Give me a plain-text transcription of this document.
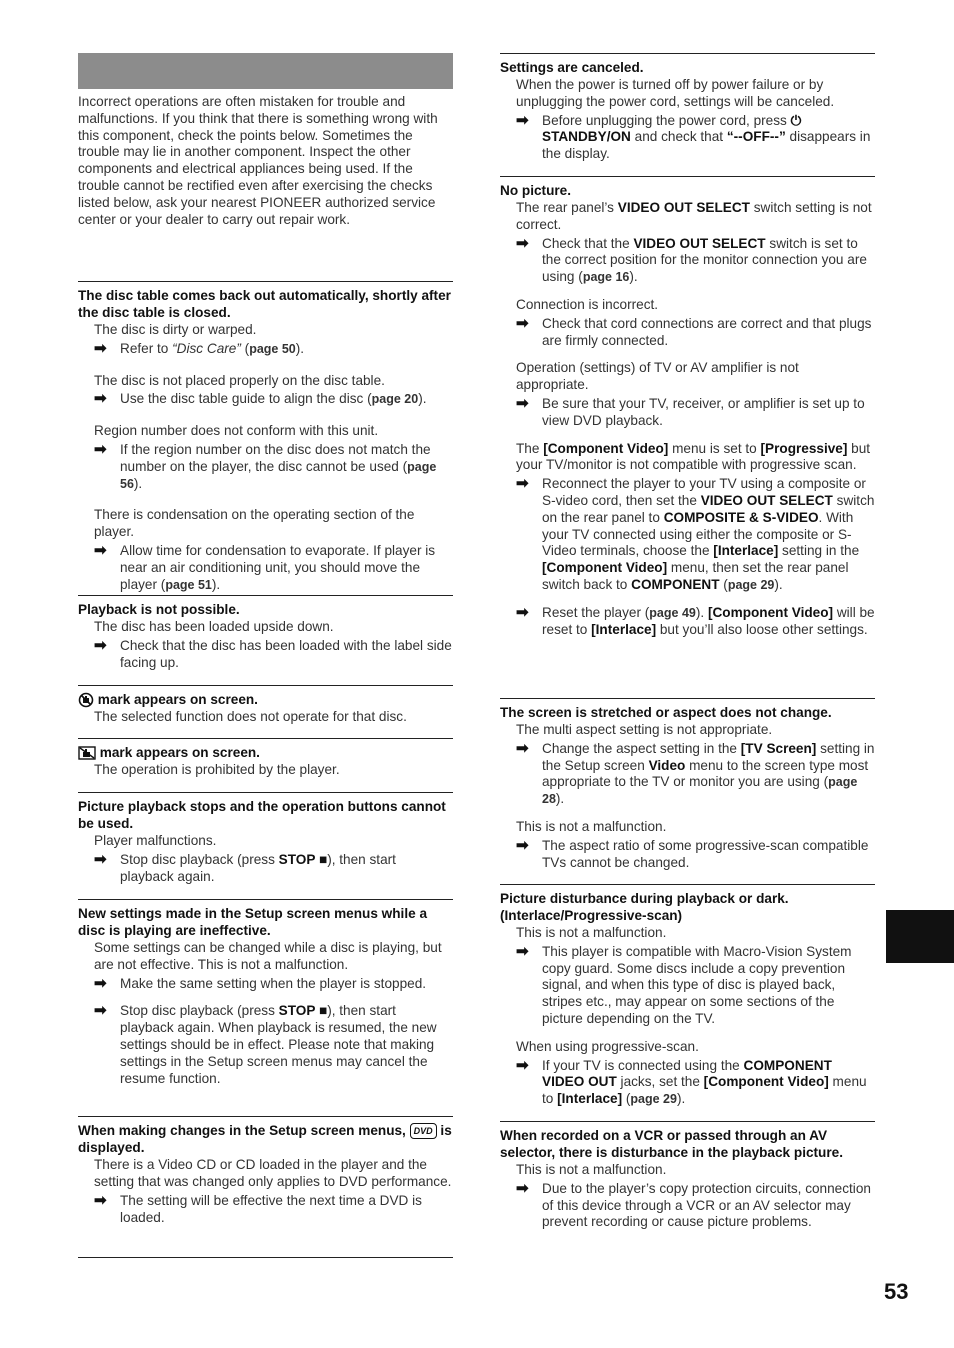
Incorrect operations are often mistaken for trouble and malfunctions. If you think that there is something wrong with this component, check the points below. Sometimes the trouble may lie in another component. Inspect the other components and electrical appliances being used. If the trouble cannot be rectified even after exercising the checks listed below, ask your nearest PIONEER authorized service center or your dealer to carry out repair work.
The disc table comes back out automatically, shortly after the disc table is closed.
The disc is dirty or warped.
➡ Refer to “Disc Care” (page 50).
The disc is not placed properly on the disc table.
➡ Use the disc table guide to align the disc (page 20).
Region number does not conform with this unit.
➡ If the region number on the disc does not match the number on the player, the disc cannot be used (page 56).
There is condensation on the operating section of the player.
➡ Allow time for condensation to evaporate. If player is near an air conditioning unit, you should move the player (page 51).
Playback is not possible.
The disc has been loaded upside down.
➡ Check that the disc has been loaded with the label side facing up.
mark appears on screen.
The selected function does not operate for that disc.
mark appears on screen.
The operation is prohibited by the player.
Picture playback stops and the operation buttons cannot be used.
Player malfunctions.
➡ Stop disc playback (press STOP ■), then start playback again.
New settings made in the Setup screen menus while a disc is playing are ineffective.
Some settings can be changed while a disc is playing, but are not effective. This is not a malfunction.
➡ Make the same setting when the player is stopped.
➡ Stop disc playback (press STOP ■), then start playback again. When playback is resumed, the new settings should be in effect. Please note that making settings in the Setup screen menus may cancel the resume function.
When making changes in the Setup screen menus, DVD is displayed.
There is a Video CD or CD loaded in the player and the setting that was changed only applies to DVD performance.
➡ The setting will be effective the next time a DVD is loaded.
Settings are canceled.
When the power is turned off by power failure or by unplugging the power cord, settings will be canceled.
➡ Before unplugging the power cord, press ⏻ STANDBY/ON and check that “--OFF--” disappears in the display.
No picture.
The rear panel’s VIDEO OUT SELECT switch setting is not correct.
➡ Check that the VIDEO OUT SELECT switch is set to the correct position for the monitor connection you are using (page 16).
Connection is incorrect.
➡ Check that cord connections are correct and that plugs are firmly connected.
Operation (settings) of TV or AV amplifier is not appropriate.
➡ Be sure that your TV, receiver, or amplifier is set up to view DVD playback.
The [Component Video] menu is set to [Progressive] but your TV/monitor is not compatible with progressive scan.
➡ Reconnect the player to your TV using a composite or S-video cord, then set the VIDEO OUT SELECT switch on the rear panel to COMPOSITE & S-VIDEO. With your TV connected using either the composite or S-Video terminals, choose the [Interlace] setting in the [Component Video] menu, then set the rear panel switch back to COMPONENT (page 29).
➡ Reset the player (page 49). [Component Video] will be reset to [Interlace] but you’ll also loose other settings.
The screen is stretched or aspect does not change.
The multi aspect setting is not appropriate.
➡ Change the aspect setting in the [TV Screen] setting in the Setup screen Video menu to the screen type most appropriate to the TV or monitor you are using (page 28).
This is not a malfunction.
➡ The aspect ratio of some progressive-scan compatible TVs cannot be changed.
Picture disturbance during playback or dark. (Interlace/Progressive-scan)
This is not a malfunction.
➡ This player is compatible with Macro-Vision System copy guard. Some discs include a copy prevention signal, and when this type of disc is played back, stripes etc., may appear on some sections of the picture depending on the TV.
When using progressive-scan.
➡ If your TV is connected using the COMPONENT VIDEO OUT jacks, set the [Component Video] menu to [Interlace] (page 29).
When recorded on a VCR or passed through an AV selector, there is disturbance in the playback picture.
This is not a malfunction.
➡ Due to the player’s copy protection circuits, connection of this device through a VCR or an AV selector may prevent recording or cause picture problems.
53
